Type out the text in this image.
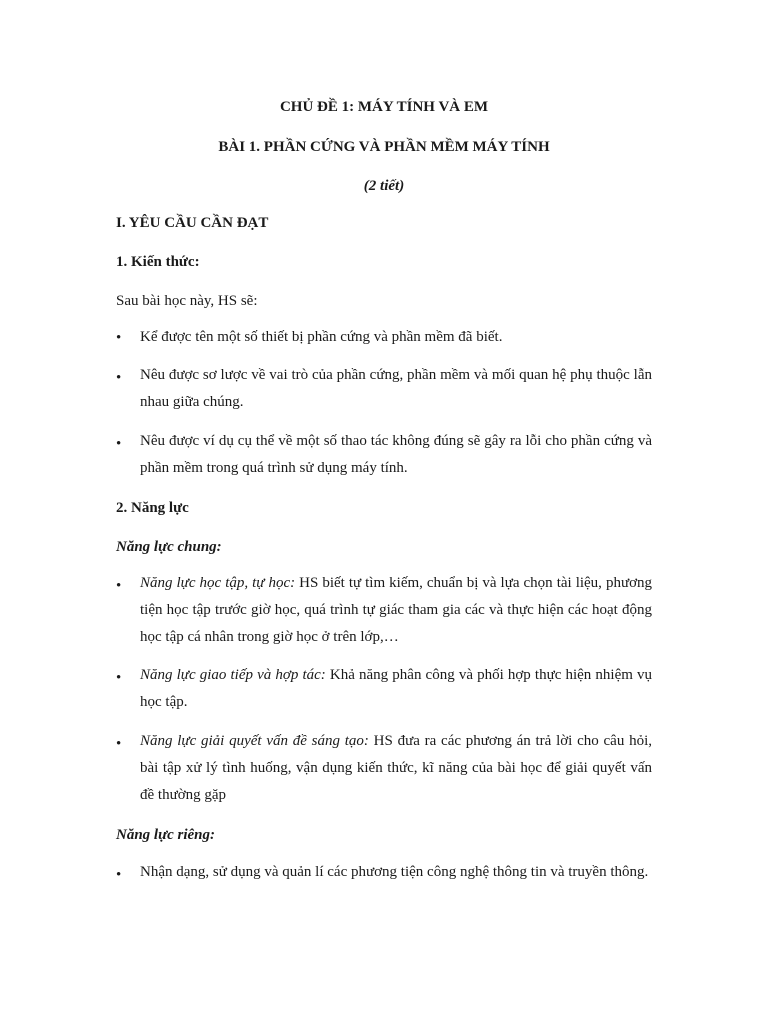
CHỦ ĐỀ 1: MÁY TÍNH VÀ EM
BÀI 1. PHẦN CỨNG VÀ PHẦN MỀM MÁY TÍNH
(2 tiết)
I. YÊU CẦU CẦN ĐẠT
1. Kiến thức:
Sau bài học này, HS sẽ:
•	Kể được tên một số thiết bị phần cứng và phần mềm đã biết.
•	Nêu được sơ lược về vai trò của phần cứng, phần mềm và mối quan hệ phụ thuộc lẫn nhau giữa chúng.
•	Nêu được ví dụ cụ thể về một số thao tác không đúng sẽ gây ra lỗi cho phần cứng và phần mềm trong quá trình sử dụng máy tính.
2. Năng lực
Năng lực chung:
•	Năng lực học tập, tự học: HS biết tự tìm kiếm, chuẩn bị và lựa chọn tài liệu, phương tiện học tập trước giờ học, quá trình tự giác tham gia các và thực hiện các hoạt động học tập cá nhân trong giờ học ở trên lớp,…
•	Năng lực giao tiếp và hợp tác: Khả năng phân công và phối hợp thực hiện nhiệm vụ học tập.
•	Năng lực giải quyết vấn đề sáng tạo: HS đưa ra các phương án trả lời cho câu hỏi, bài tập xử lý tình huống, vận dụng kiến thức, kĩ năng của bài học để giải quyết vấn đề thường gặp
Năng lực riêng:
•	Nhận dạng, sử dụng và quản lí các phương tiện công nghệ thông tin và truyền thông.
